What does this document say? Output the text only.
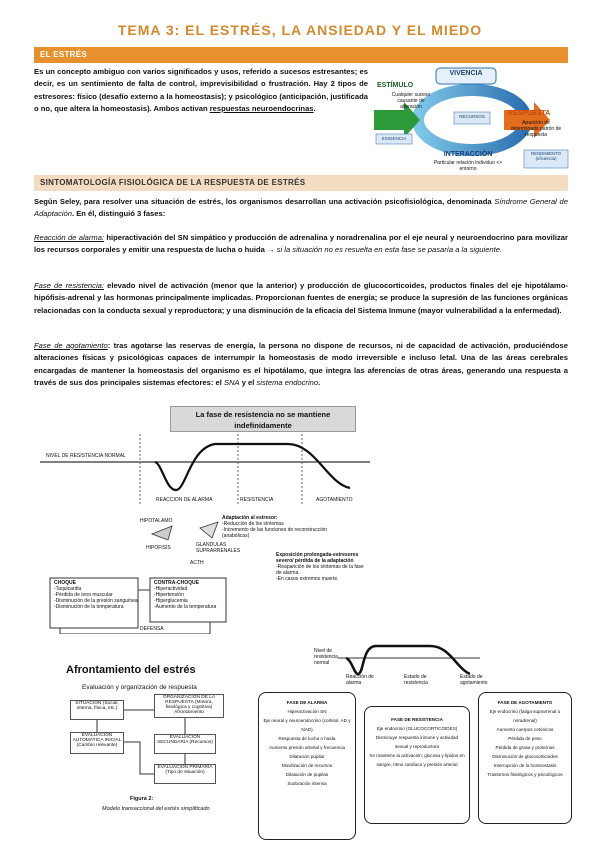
TEMA 3: EL ESTRÉS, LA ANSIEDAD Y EL MIEDO
EL ESTRÉS
Es un concepto ambiguo con varios significados y usos, referido a sucesos estresantes; es decir, es un sentimiento de falta de control, imprevisibilidad o frustración. Hay 2 tipos de estresores: físico (desafío externo a la homeostasis); y psicológico (anticipación, justificada o no, que altera la homeostasis). Ambos activan respuestas neuroendocrinas.
VIVENCIA
ESTÍMULO
Cualquier suceso causante de alteración
RESPUESTA
Aparición de determinado patrón de respuesta
RECURSOS
EXIGENCIA
INTERACCIÓN
Particular relación individuo <> entorno
RENDIMIENTO (eficiencia)
SINTOMATOLOGÍA FISIOLÓGICA DE LA RESPUESTA DE ESTRÉS
Según Seley, para resolver una situación de estrés, los organismos desarrollan una activación psicofisiológica, denominada Síndrome General de Adaptación. En él, distinguió 3 fases:
Reacción de alarma: hiperactivación del SN simpático y producción de adrenalina y noradrenalina por el eje neural y neuroendocrino para movilizar los recursos corporales y emitir una respuesta de lucha o huida → si la situación no es resuelta en esta fase se pasaría a la siguiente.
Fase de resistencia: elevado nivel de activación (menor que la anterior) y producción de glucocorticoides, productos finales del eje hipotálamo-hipófisis-adrenal y las hormonas principalmente implicadas. Proporcionan fuentes de energía; se produce la supresión de las funciones orgánicas relacionadas con la conducta sexual y reproductora; y una disminución de la eficacia del Sistema Inmune (mayor vulnerabilidad a la enfermedad).
Fase de agotamiento: tras agotarse las reservas de energía, la persona no dispone de recursos, ni de capacidad de activación, produciéndose alteraciones físicas y psicológicas capaces de interrumpir la homeostasis de modo irreversible e incluso letal. Una de las áreas cerebrales encargadas de mantener la homeostasis del organismo es el hipotálamo, que integra las aferencias de otras áreas, generando una respuesta a través de sus dos principales sistemas efectores: el SNA y el sistema endocrino.
La fase de resistencia no se mantiene indefinidamente
NIVEL DE RESISTENCIA NORMAL
REACCION DE ALARMA	RESISTENCIA	AGOTAMIENTO
HIPOTALAMO
HIPOFISIS	GLANDULAS SUPRARRENALES
ACTH
Adaptación al estresor:
-Reducción de los síntomas
-Incremento de las funciones de reconstrucción (anabólicas)
Exposición prolongada-estresores severo/ pérdida de la adaptación
-Reaparición de los síntomas de la fase de alarma.
-En casos extremos muerte.
CHOQUE
-Taquicardia
-Pérdida de tono muscular
-Disminución de la presión sanguínea
-Disminución de la temperatura
CONTRA-CHOQUE
-Hiperactividad
-Hipertensión
-Hiperglucemia
-Aumento de la temperatura
DEFENSA
Nivel de resistencia normal
Reacción de alarma
Estado de resistencia
Estado de agotamiento
Afrontamiento del estrés
Evaluación y organización de respuesta
SITUACION (Social, interna, física, etc.)
ORGANIZACION DE LA RESPUESTA (Motora, fisiológica y cognitiva) Afrontamiento
EVALUACION AUTOMATICA INICIAL (Cambio relevante)
EVALUACION SECUNDARIA (Recursos)
EVALUACION PRIMARIA (Tipo de situación)
Figura 2:
Modelo transaccional del estrés simplificado
FASE DE ALARMA
Hiperactivación SN
Eje neural y neuroendocrino (cortisol, AD y NAD)
Respuesta de lucha o huida
Aumento presión arterial y frecuencia
Dilatación pupilar
Movilización de recursos
Dilatación de pupilas
Sudoración intensa
FASE DE RESISTENCIA
Eje endocrino (GLUCOCORTICOIDES)
Disminuye respuesta inmune y actividad sexual y reproductora
Se mantiene la activación, glucosa y lípidos en sangre, ritmo cardíaco y presión arterial
FASE DE AGOTAMIENTO
Eje endocrino (fatiga suprarrenal o noradrenal)
Aumento cuerpos cetónicos
Pérdida de peso
Pérdida de grasa y proteínas
Disminución de glucocorticoides
Interrupción de la homeostasis
Trastornos fisiológicos y psicológicos
